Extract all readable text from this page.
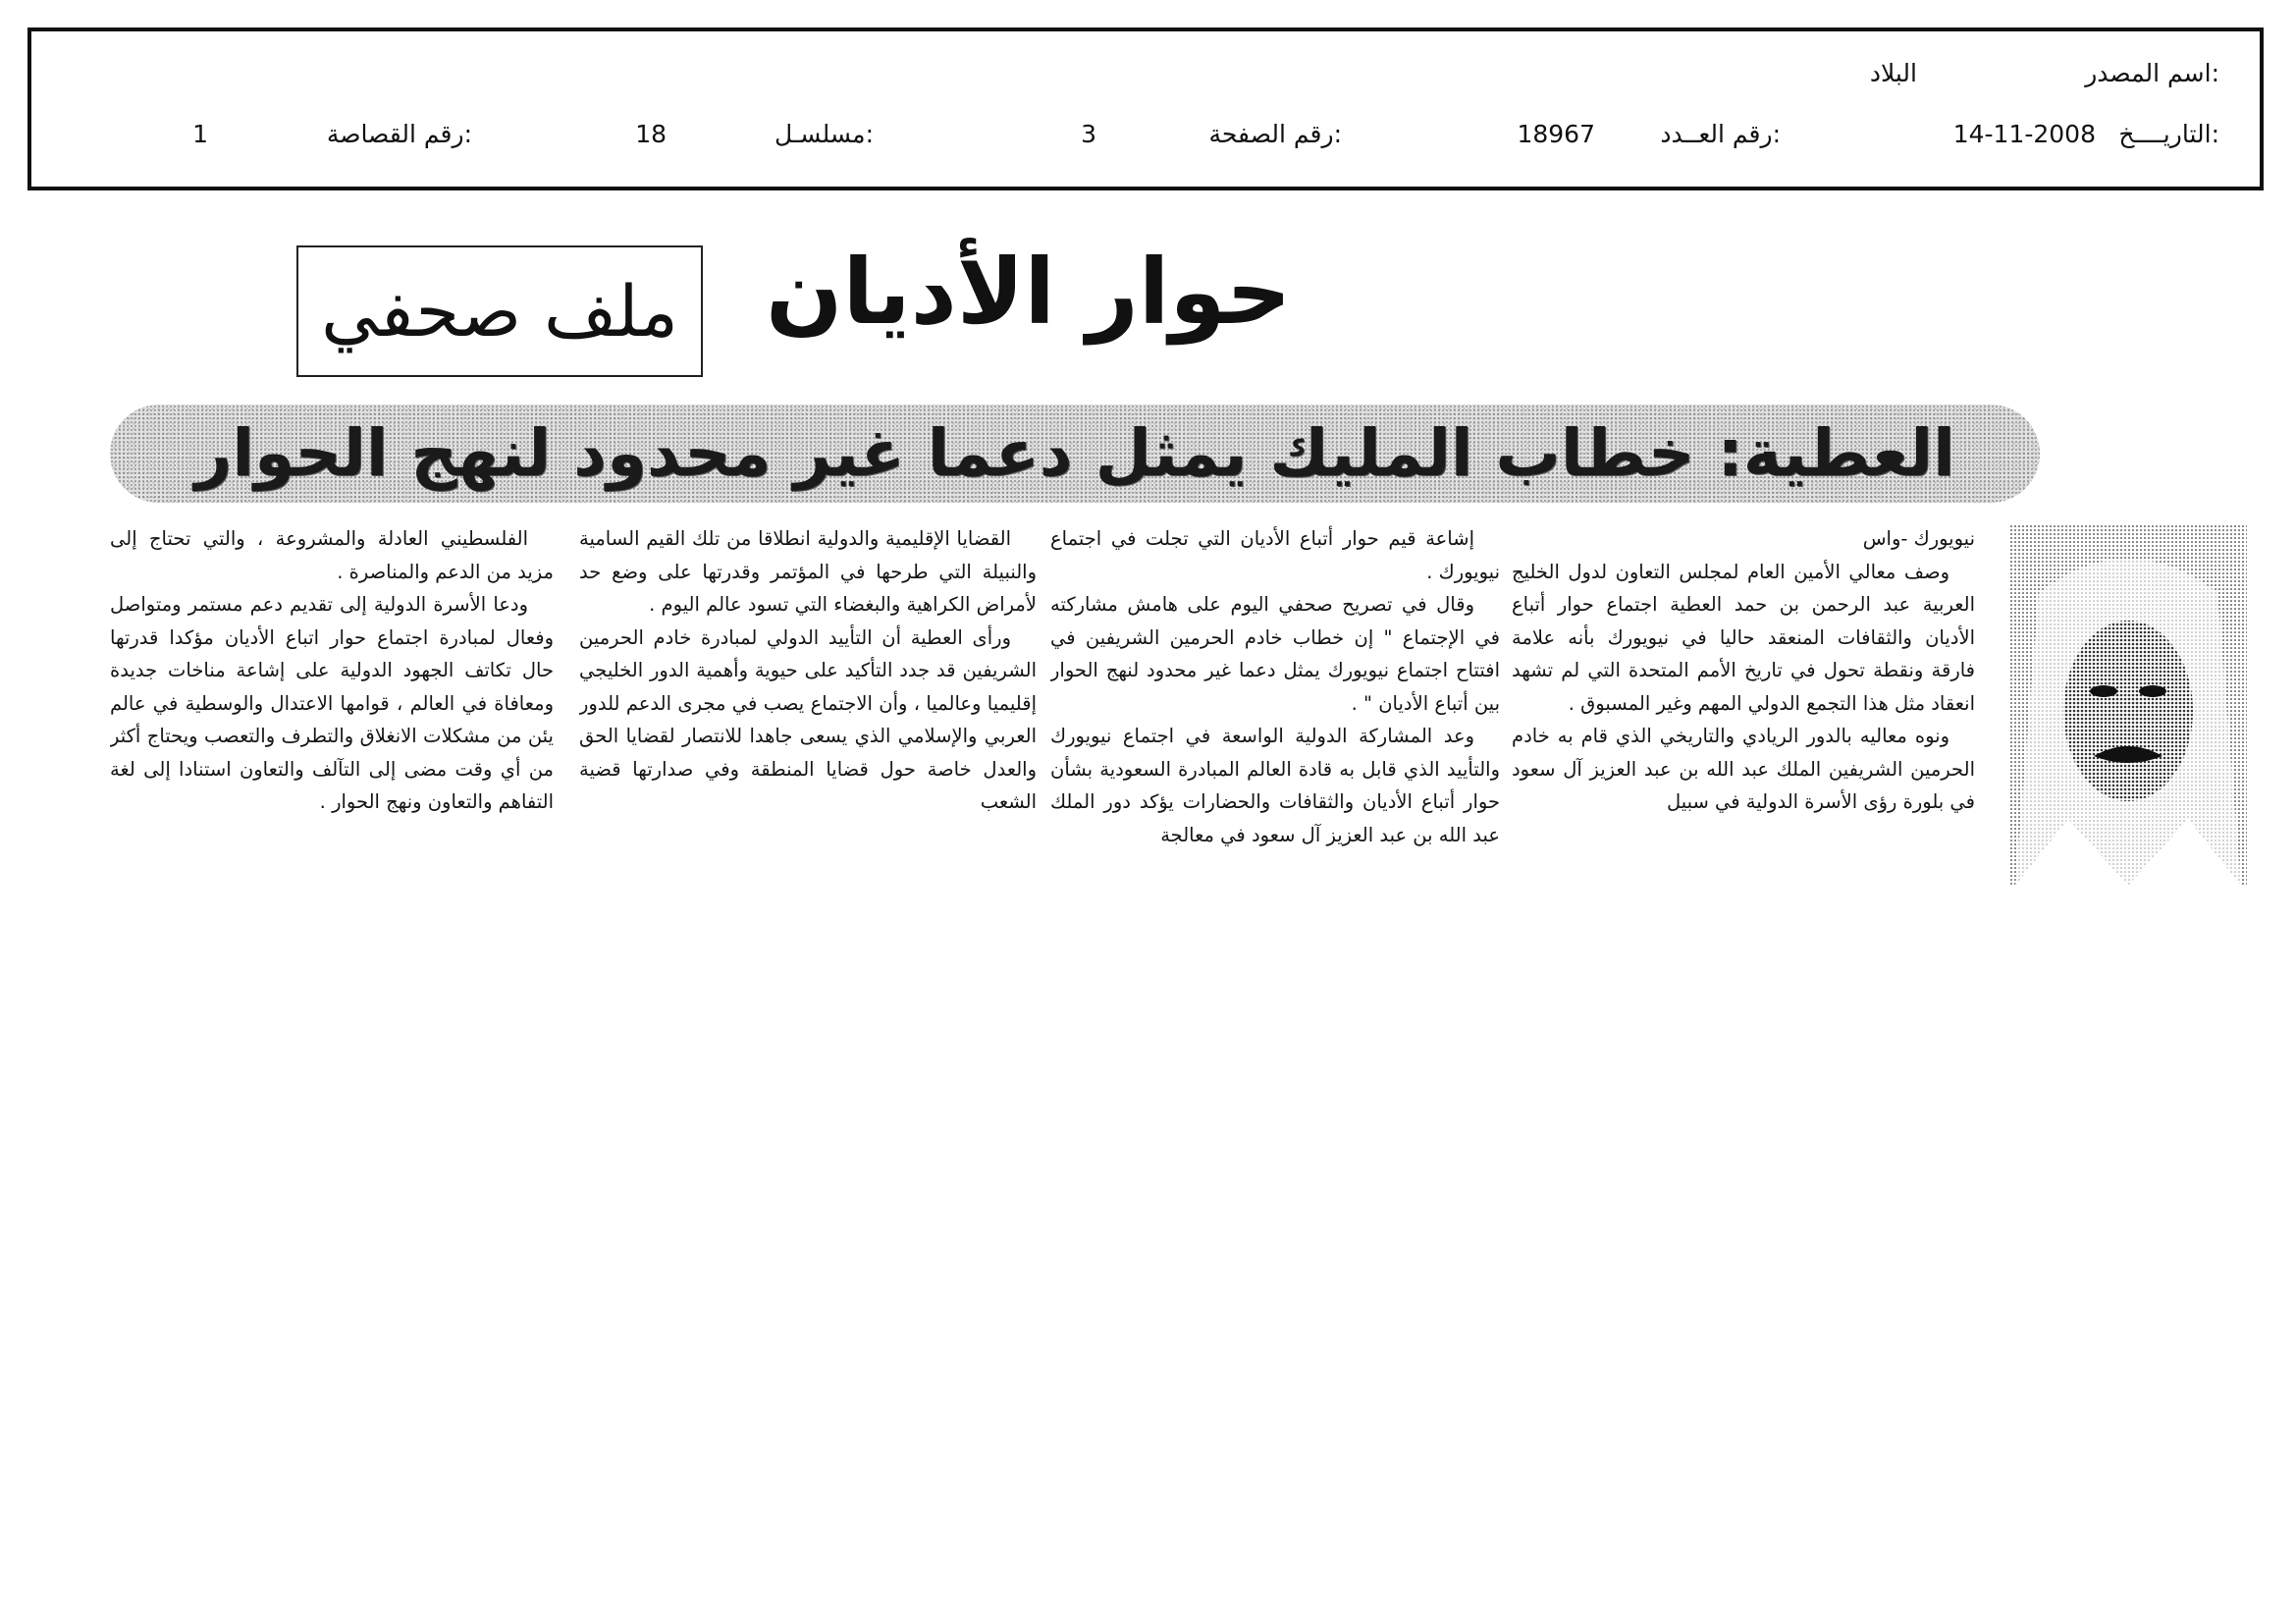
اسم المصدر:
البلاد
التاريــــخ:
14-11-2008
رقم العــدد:
18967
رقم الصفحة:
3
مسلسـل:
18
رقم القصاصة:
1
حوار الأديان
ملف صحفي
العطية: خطاب المليك يمثل دعما غير محدود لنهج الحوار

نيويورك -واس

وصف معالي الأمين العام لمجلس التعاون لدول الخليج العربية عبد الرحمن بن حمد العطية اجتماع حوار أتباع الأديان والثقافات المنعقد حاليا في نيويورك بأنه علامة فارقة ونقطة تحول في تاريخ الأمم المتحدة التي لم تشهد انعقاد مثل هذا التجمع الدولي المهم وغير المسبوق .

ونوه معاليه بالدور الريادي والتاريخي الذي قام به خادم الحرمين الشريفين الملك عبد الله بن عبد العزيز آل سعود في بلورة رؤى الأسرة الدولية في سبيل

إشاعة قيم حوار أتباع الأديان التي تجلت في اجتماع نيويورك .

وقال في تصريح صحفي اليوم على هامش مشاركته في الإجتماع " إن خطاب خادم الحرمين الشريفين في افتتاح اجتماع نيويورك يمثل دعما غير محدود لنهج الحوار بين أتباع الأديان " .

وعد المشاركة الدولية الواسعة في اجتماع نيويورك والتأييد الذي قابل به قادة العالم المبادرة السعودية بشأن حوار أتباع الأديان والثقافات والحضارات يؤكد دور الملك عبد الله بن عبد العزيز آل سعود في معالجة

القضايا الإقليمية والدولية انطلاقا من تلك القيم السامية والنبيلة التي طرحها في المؤتمر وقدرتها على وضع حد لأمراض الكراهية والبغضاء التي تسود عالم اليوم .

ورأى العطية أن التأييد الدولي لمبادرة خادم الحرمين الشريفين قد جدد التأكيد على حيوية وأهمية الدور الخليجي إقليميا وعالميا ، وأن الاجتماع يصب في مجرى الدعم للدور العربي والإسلامي الذي يسعى جاهدا للانتصار لقضايا الحق والعدل خاصة حول قضايا المنطقة وفي صدارتها قضية الشعب

الفلسطيني العادلة والمشروعة ، والتي تحتاج إلى مزيد من الدعم والمناصرة .

ودعا الأسرة الدولية إلى تقديم دعم مستمر ومتواصل وفعال لمبادرة اجتماع حوار اتباع الأديان مؤكدا قدرتها حال تكاتف الجهود الدولية على إشاعة مناخات جديدة ومعافاة في العالم ، قوامها الاعتدال والوسطية في عالم يئن من مشكلات الانغلاق والتطرف والتعصب ويحتاج أكثر من أي وقت مضى إلى التآلف والتعاون استنادا إلى لغة التفاهم والتعاون ونهج الحوار .
